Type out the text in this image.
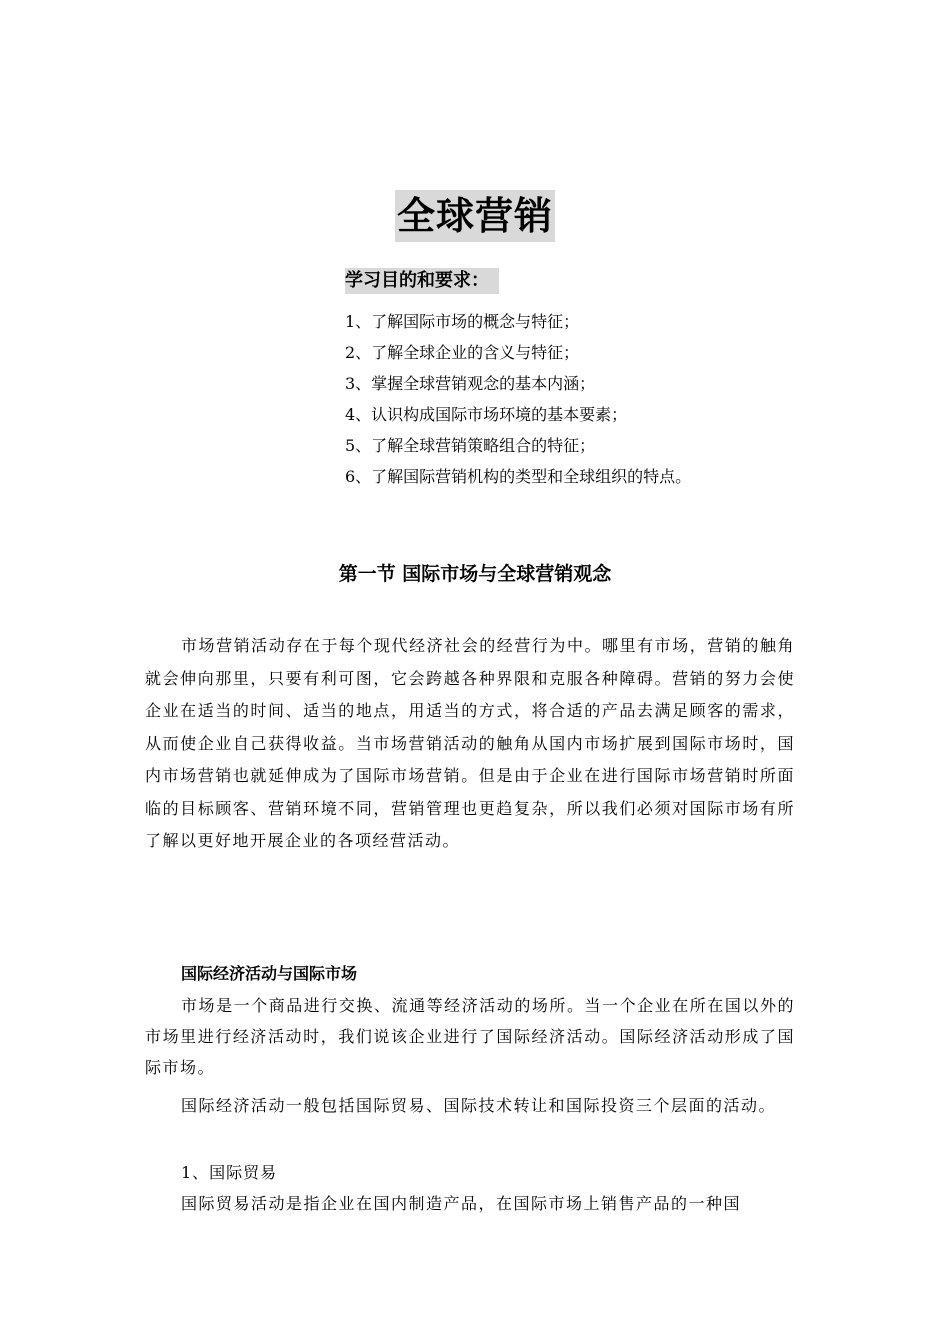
全球营销
学习目的和要求：
1、了解国际市场的概念与特征；
2、了解全球企业的含义与特征；
3、掌握全球营销观念的基本内涵；
4、认识构成国际市场环境的基本要素；
5、了解全球营销策略组合的特征；
6、了解国际营销机构的类型和全球组织的特点。
第一节 国际市场与全球营销观念

市场营销活动存在于每个现代经济社会的经营行为中。哪里有市场，营销的触角就会伸向那里，只要有利可图，它会跨越各种界限和克服各种障碍。营销的努力会使企业在适当的时间、适当的地点，用适当的方式，将合适的产品去满足顾客的需求，从而使企业自己获得收益。当市场营销活动的触角从国内市场扩展到国际市场时，国内市场营销也就延伸成为了国际市场营销。但是由于企业在进行国际市场营销时所面临的目标顾客、营销环境不同，营销管理也更趋复杂，所以我们必须对国际市场有所了解以更好地开展企业的各项经营活动。

国际经济活动与国际市场

市场是一个商品进行交换、流通等经济活动的场所。当一个企业在所在国以外的市场里进行经济活动时，我们说该企业进行了国际经济活动。国际经济活动形成了国际市场。

国际经济活动一般包括国际贸易、国际技术转让和国际投资三个层面的活动。

1、国际贸易

国际贸易活动是指企业在国内制造产品，在国际市场上销售产品的一种国
